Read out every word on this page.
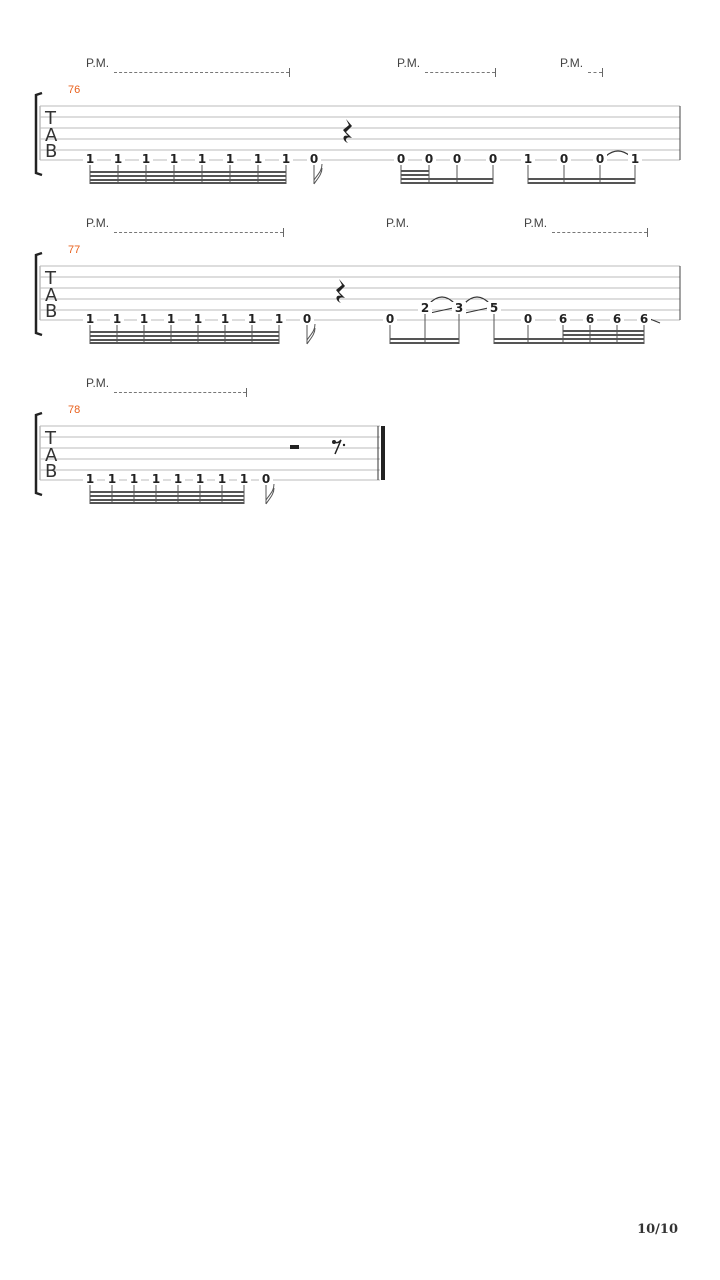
P.M.	P.M.	P.M.
76
T
A
B 1 1 1 1 1 1 1 1 0	0 0 0 0 1 0 0 1
P.M.	P.M.	P.M.
77
T
A
B 1 1 1 1 1 1 1 1 0	0
2 3 5
0 6 6 6 6
P.M.
78
T
A
B 1 1 1 1 1 1 1 1 0
10/10
